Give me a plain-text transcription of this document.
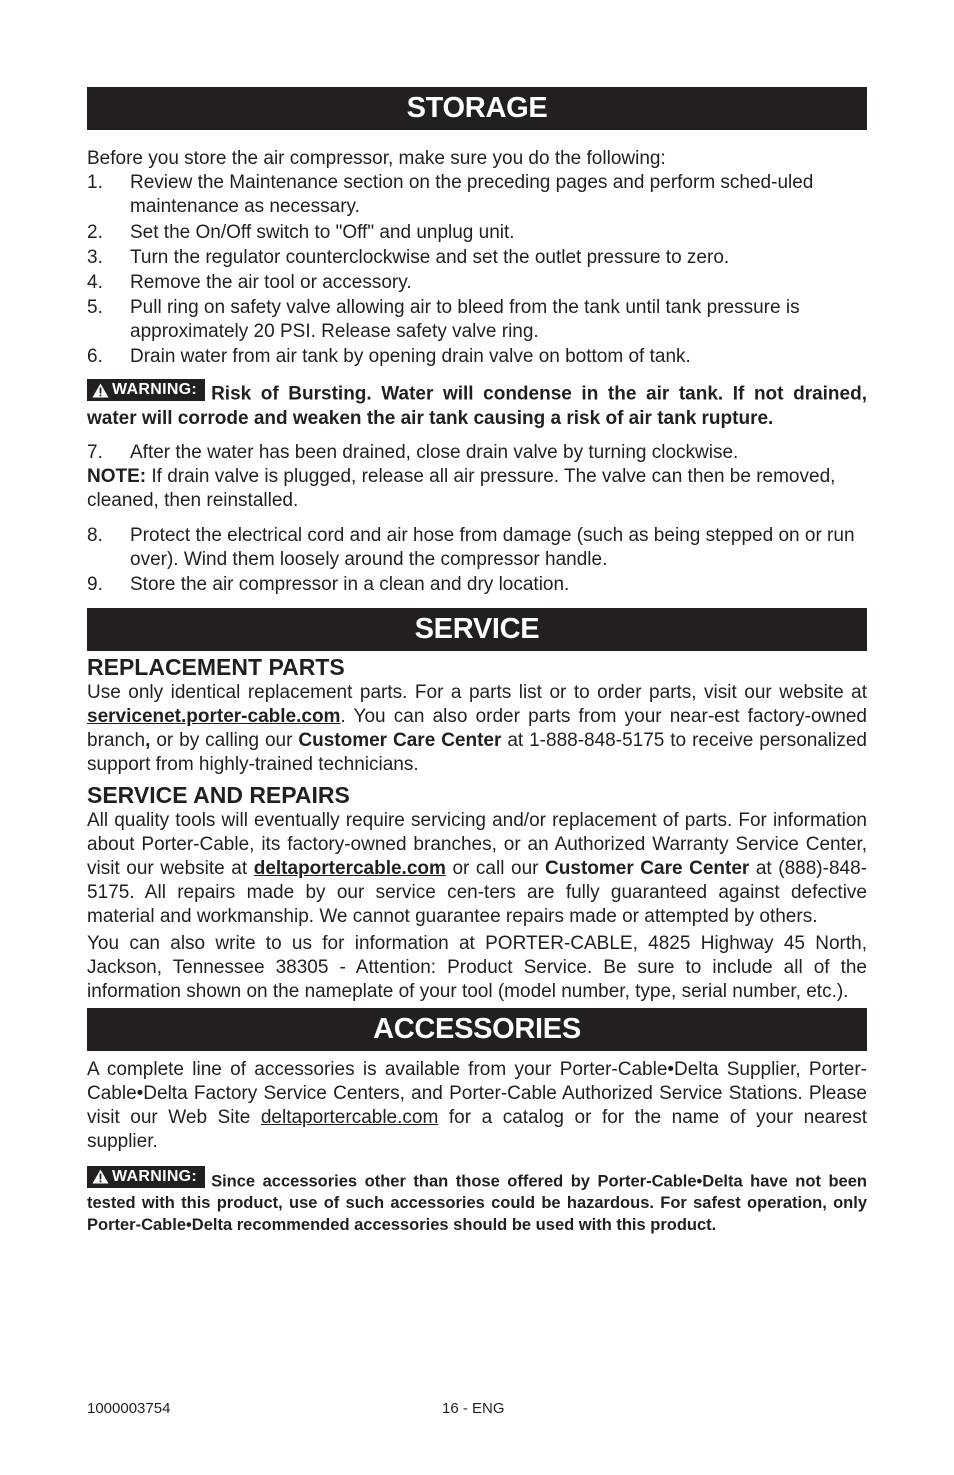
STORAGE

Before you store the air compressor, make sure you do the following:

1.	Review the Maintenance section on the preceding pages and perform sched-uled maintenance as necessary.
2.	Set the On/Off switch to "Off" and unplug unit.
3.	Turn the regulator counterclockwise and set the outlet pressure to zero.
4.	Remove the air tool or accessory.
5.	Pull ring on safety valve allowing air to bleed from the tank until tank pressure is approximately 20 PSI. Release safety valve ring.
6.	Drain water from air tank by opening drain valve on bottom of tank.

WARNING: Risk of Bursting. Water will condense in the air tank. If not drained, water will corrode and weaken the air tank causing a risk of air tank rupture.

7.	After the water has been drained, close drain valve by turning clockwise.

NOTE: If drain valve is plugged, release all air pressure. The valve can then be removed, cleaned, then reinstalled.

8.	Protect the electrical cord and air hose from damage (such as being stepped on or run over). Wind them loosely around the compressor handle.
9.	Store the air compressor in a clean and dry location.
SERVICE

REPLACEMENT PARTS

Use only identical replacement parts. For a parts list or to order parts, visit our website at servicenet.porter-cable.com. You can also order parts from your near-est factory-owned branch, or by calling our Customer Care Center at 1-888-848-5175 to receive personalized support from highly-trained technicians.

SERVICE AND REPAIRS

All quality tools will eventually require servicing and/or replacement of parts. For information about Porter-Cable, its factory-owned branches, or an Authorized Warranty Service Center, visit our website at deltaportercable.com or call our Customer Care Center at (888)-848-5175. All repairs made by our service cen-ters are fully guaranteed against defective material and workmanship. We cannot guarantee repairs made or attempted by others.

You can also write to us for information at PORTER-CABLE, 4825 Highway 45 North, Jackson, Tennessee 38305 - Attention: Product Service. Be sure to include all of the information shown on the nameplate of your tool (model number, type, serial number, etc.).

ACCESSORIES

A complete line of accessories is available from your Porter-Cable•Delta Supplier, Porter-Cable•Delta Factory Service Centers, and Porter-Cable Authorized Service Stations. Please visit our Web Site deltaportercable.com for a catalog or for the name of your nearest supplier.

WARNING: Since accessories other than those offered by Porter-Cable•Delta have not been tested with this product, use of such accessories could be hazardous. For safest operation, only Porter-Cable•Delta recommended accessories should be used with this product.

1000003754	16 - ENG
